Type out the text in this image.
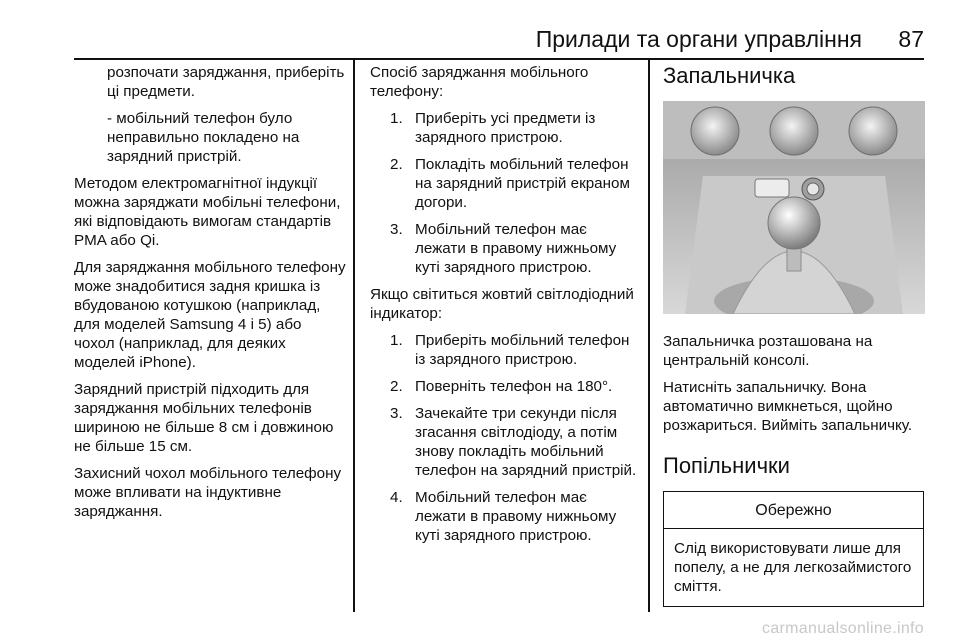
Прилади та органи управління 87

розпочати заряджання, приберіть ці предмети.

- мобільний телефон було неправильно покладено на зарядний пристрій.

Методом електромагнітної індукції можна заряджати мобільні телефони, які відповідають вимогам стандартів PMA або Qi.

Для заряджання мобільного телефону може знадобитися задня кришка із вбудованою котушкою (наприклад, для моделей Samsung 4 і 5) або чохол (наприклад, для деяких моделей iPhone).

Зарядний пристрій підходить для заряджання мобільних телефонів шириною не більше 8 см і довжиною не більше 15 см.

Захисний чохол мобільного телефону може впливати на індуктивне заряджання.

Спосіб заряджання мобільного телефону:

1. Приберіть усі предмети із зарядного пристрою.
2. Покладіть мобільний телефон на зарядний пристрій екраном догори.
3. Мобільний телефон має лежати в правому нижньому куті зарядного пристрою.

Якщо світиться жовтий світлодіодний індикатор:

1. Приберіть мобільний телефон із зарядного пристрою.
2. Поверніть телефон на 180°.
3. Зачекайте три секунди після згасання світлодіоду, а потім знову покладіть мобільний телефон на зарядний пристрій.
4. Мобільний телефон має лежати в правому нижньому куті зарядного пристрою.
Запальничка

Запальничка розташована на центральній консолі.

Натисніть запальничку. Вона автоматично вимкнеться, щойно розжариться. Вийміть запальничку.

Попільнички
Обережно
Слід використовувати лише для попелу, а не для легкозаймистого сміття.
carmanualsonline.info
